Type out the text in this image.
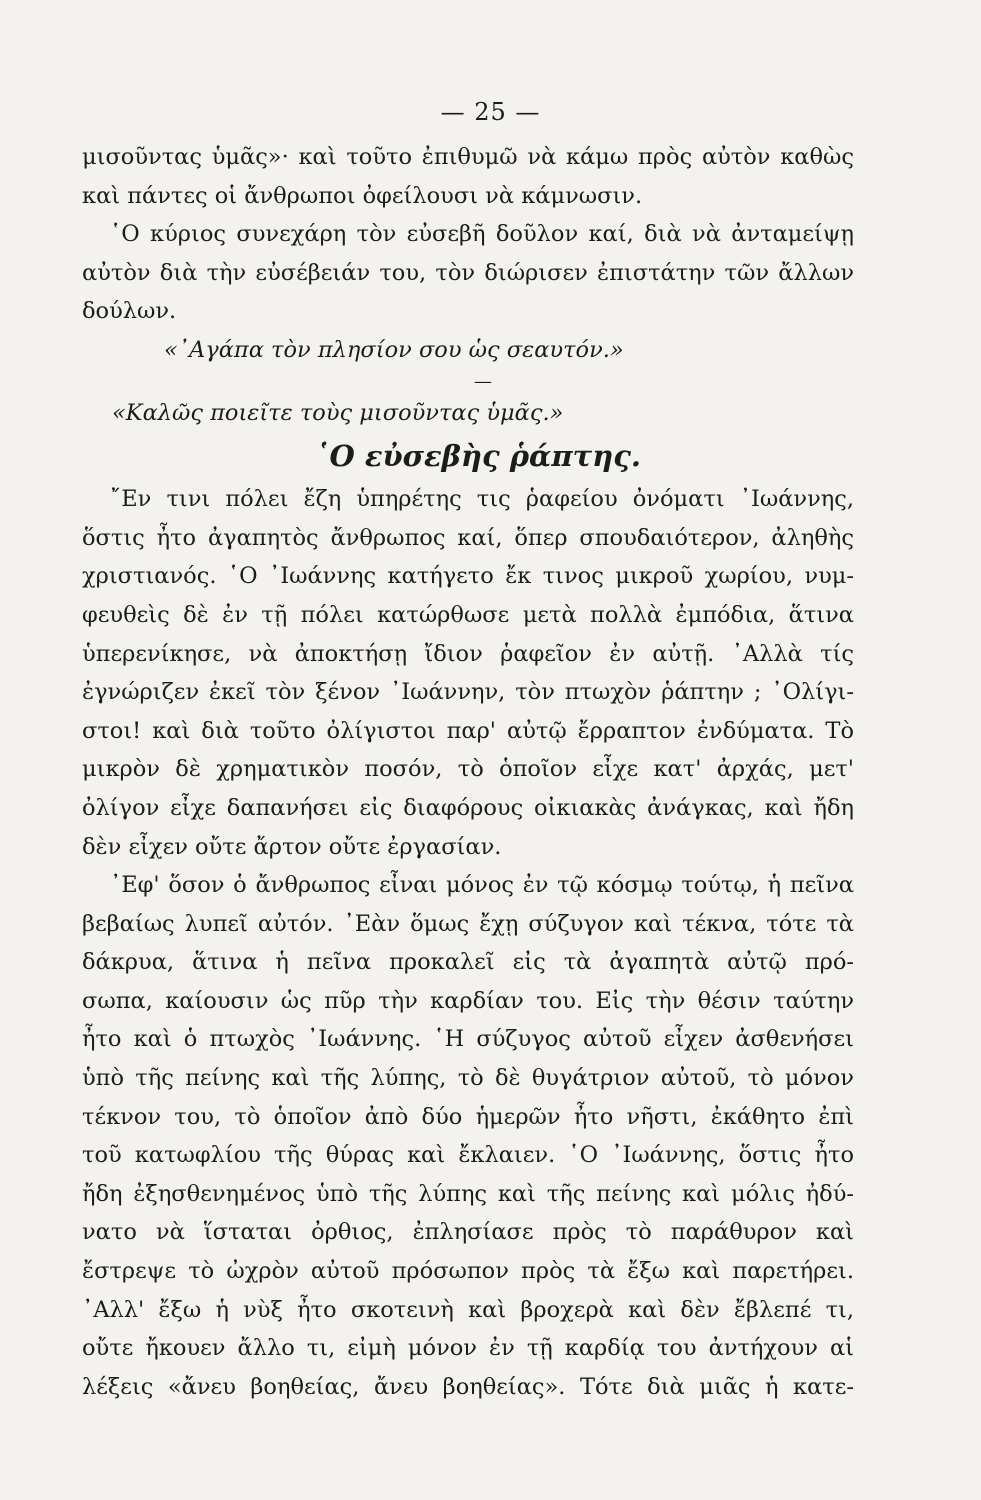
— 25 —
μισοῦντας ὑμᾶς»· καὶ τοῦτο ἐπιθυμῶ νὰ κάμω πρὸς αὐτὸν καθὼς
καὶ πάντες οἱ ἄνθρωποι ὀφείλουσι νὰ κάμνωσιν.
῾Ο κύριος συνεχάρη τὸν εὐσεβῆ δοῦλον καί, διὰ νὰ ἀνταμείψῃ
αὐτὸν διὰ τὴν εὐσέβειάν του, τὸν διώρισεν ἐπιστάτην τῶν ἄλλων
δούλων.
«᾿Αγάπα τὸν πλησίον σου ὡς σεαυτόν.»
—
«Καλῶς ποιεῖτε τοὺς μισοῦντας ὑμᾶς.»
῾Ο εὐσεβὴς ῥάπτης.
῎Εν τινι πόλει ἔζη ὑπηρέτης τις ῥαφείου ὀνόματι ᾿Ιωάννης,
ὅστις ἦτο ἀγαπητὸς ἄνθρωπος καί, ὅπερ σπουδαιότερον, ἀληθὴς
χριστιανός. ῾Ο ᾿Ιωάννης κατήγετο ἔκ τινος μικροῦ χωρίου, νυμ-
φευθεὶς δὲ ἐν τῇ πόλει κατώρθωσε μετὰ πολλὰ ἐμπόδια, ἅτινα
ὑπερενίκησε, νὰ ἀποκτήσῃ ἴδιον ῥαφεῖον ἐν αὐτῇ. ᾿Αλλὰ τίς
ἐγνώριζεν ἐκεῖ τὸν ξένον ᾿Ιωάννην, τὸν πτωχὸν ῥάπτην ; ᾿Ολίγι-
στοι! καὶ διὰ τοῦτο ὀλίγιστοι παρ' αὐτῷ ἔρραπτον ἐνδύματα. Τὸ
μικρὸν δὲ χρηματικὸν ποσόν, τὸ ὁποῖον εἶχε κατ' ἀρχάς, μετ'
ὀλίγον εἶχε δαπανήσει εἰς διαφόρους οἰκιακὰς ἀνάγκας, καὶ ἤδη
δὲν εἶχεν οὔτε ἄρτον οὔτε ἐργασίαν.
᾿Εφ' ὅσον ὁ ἄνθρωπος εἶναι μόνος ἐν τῷ κόσμῳ τούτῳ, ἡ πεῖνα
βεβαίως λυπεῖ αὐτόν. ᾿Εὰν ὅμως ἔχῃ σύζυγον καὶ τέκνα, τότε τὰ
δάκρυα, ἅτινα ἡ πεῖνα προκαλεῖ εἰς τὰ ἀγαπητὰ αὐτῷ πρό-
σωπα, καίουσιν ὡς πῦρ τὴν καρδίαν του. Εἰς τὴν θέσιν ταύτην
ἦτο καὶ ὁ πτωχὸς ᾿Ιωάννης. ῾Η σύζυγος αὐτοῦ εἶχεν ἀσθενήσει
ὑπὸ τῆς πείνης καὶ τῆς λύπης, τὸ δὲ θυγάτριον αὐτοῦ, τὸ μόνον
τέκνον του, τὸ ὁποῖον ἀπὸ δύο ἡμερῶν ἦτο νῆστι, ἐκάθητο ἐπὶ
τοῦ κατωφλίου τῆς θύρας καὶ ἔκλαιεν. ῾Ο ᾿Ιωάννης, ὅστις ἦτο
ἤδη ἐξησθενημένος ὑπὸ τῆς λύπης καὶ τῆς πείνης καὶ μόλις ἠδύ-
νατο νὰ ἵσταται ὀρθιος, ἐπλησίασε πρὸς τὸ παράθυρον καὶ
ἔστρεψε τὸ ὠχρὸν αὐτοῦ πρόσωπον πρὸς τὰ ἔξω καὶ παρετήρει.
᾿Αλλ' ἔξω ἡ νὺξ ἦτο σκοτεινὴ καὶ βροχερὰ καὶ δὲν ἔβλεπέ τι,
οὔτε ἤκουεν ἄλλο τι, εἰμὴ μόνον ἐν τῇ καρδίᾳ του ἀντήχουν αἱ
λέξεις «ἄνευ βοηθείας, ἄνευ βοηθείας». Τότε διὰ μιᾶς ἡ κατε-
